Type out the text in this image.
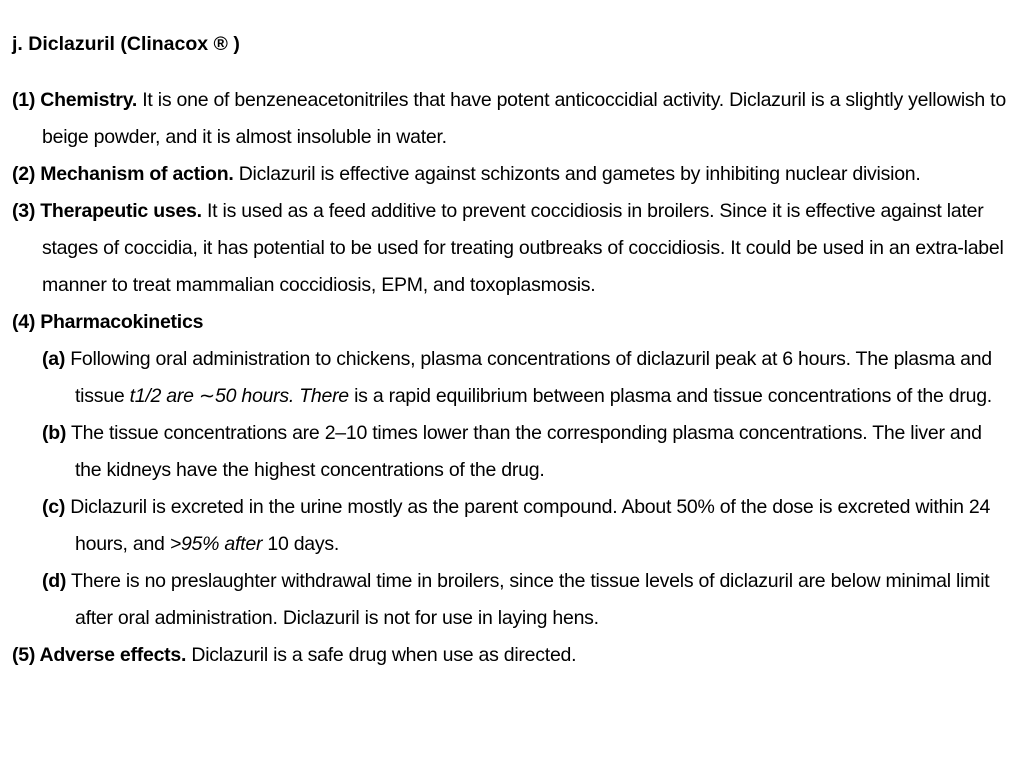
j. Diclazuril (Clinacox ® )

(1) Chemistry. It is one of benzeneacetonitriles that have potent anticoccidial activity. Diclazuril is a slightly yellowish to beige powder, and it is almost insoluble in water.

(2) Mechanism of action. Diclazuril is effective against schizonts and gametes by inhibiting nuclear division.

(3) Therapeutic uses. It is used as a feed additive to prevent coccidiosis in broilers. Since it is effective against later stages of coccidia, it has potential to be used for treating outbreaks of coccidiosis. It could be used in an extra-label manner to treat mammalian coccidiosis, EPM, and toxoplasmosis.

(4) Pharmacokinetics

(a) Following oral administration to chickens, plasma concentrations of diclazuril peak at 6 hours. The plasma and tissue t1/2 are ∼50 hours. There is a rapid equilibrium between plasma and tissue concentrations of the drug.

(b) The tissue concentrations are 2–10 times lower than the corresponding plasma concentrations. The liver and the kidneys have the highest concentrations of the drug.

(c) Diclazuril is excreted in the urine mostly as the parent compound. About 50% of the dose is excreted within 24 hours, and >95% after 10 days.

(d) There is no preslaughter withdrawal time in broilers, since the tissue levels of diclazuril are below minimal limit after oral administration. Diclazuril is not for use in laying hens.

(5) Adverse effects. Diclazuril is a safe drug when use as directed.
